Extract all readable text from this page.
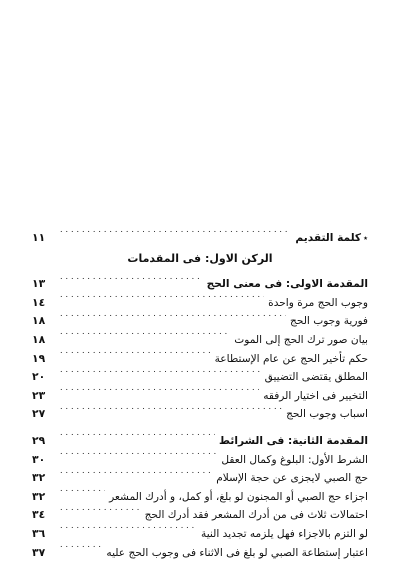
٭كلمة التقديم
. . .
١١
الركن الاول: فى المقدمات
المقدمة الاولى: فى معنى الحج
. . .
١٣
وجوب الحج مرة واحدة
. . .
١٤
فورية وجوب الحج
. . .
١٨
بيان صور ترك الحج إلى الموت
. . .
١٨
حكم تأخير الحج عن عام الإستطاعة
. . .
١٩
المطلق يقتضى التضييق
. . .
٢٠
التخيير فى اختيار الرفقه
. . .
٢٣
اسباب وجوب الحج
. . .
٢٧
المقدمة الثانية: فى الشرائط
. . .
٢٩
الشرط الأول: البلوغ وكمال العقل
. . .
٣٠
حج الصبي لايجزى عن حجة الإسلام
. . .
٣٢
اجزاء حج الصبي أو المجنون لو بلغ، أو كمل، و أدرك المشعر
. . .
٣٢
احتمالات ثلاث فى من أدرك المشعر فقد أدرك الحج
. . .
٣٤
لو التزم بالاجزاء فهل يلزمه تجديد النية
. . .
٣٦
اعتبار إستطاعة الصبي لو بلغ فى الاثناء فى وجوب الحج عليه
. . .
٣٧
